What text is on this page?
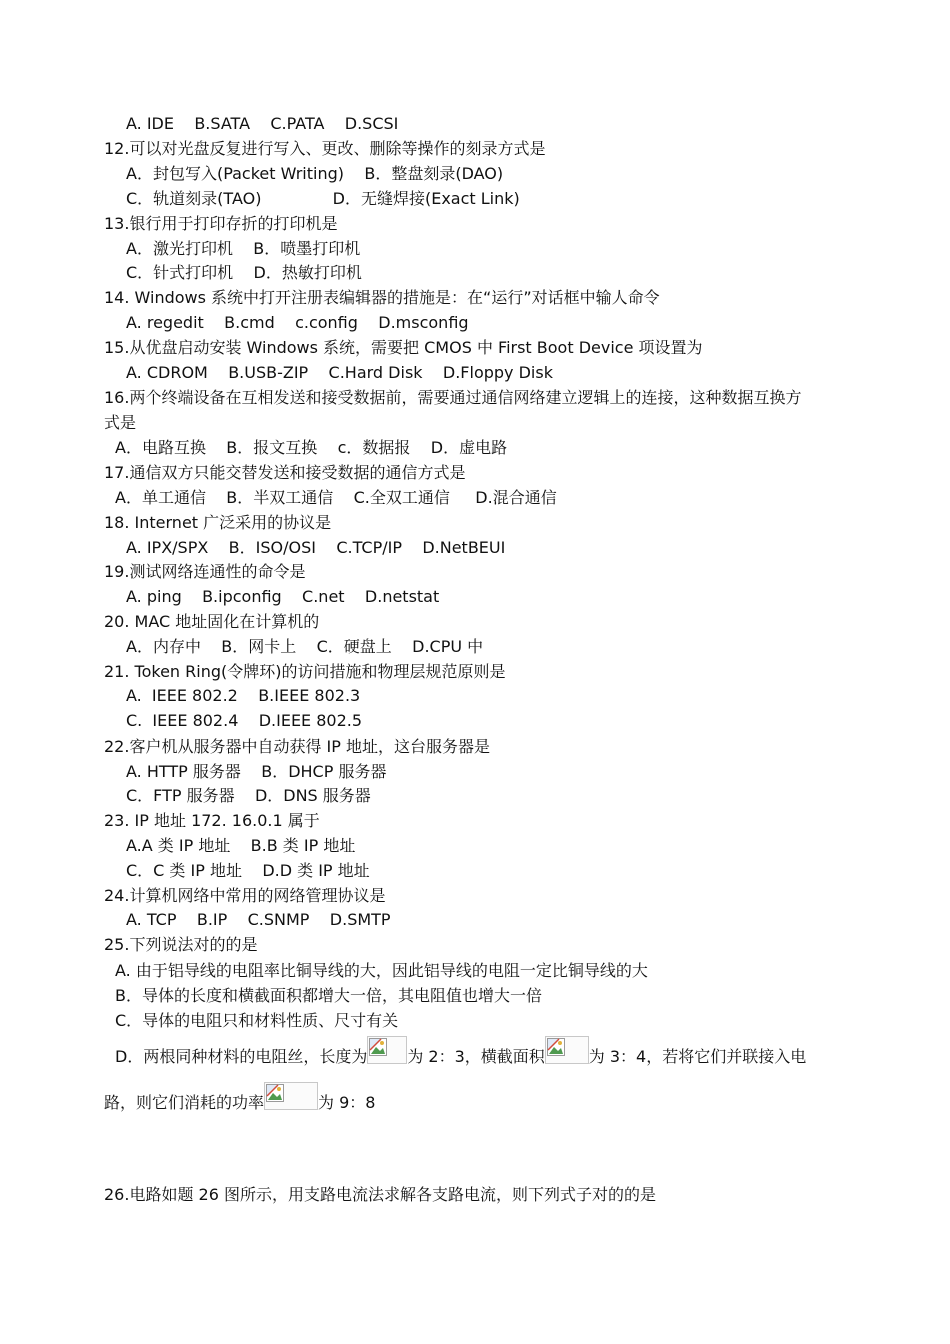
A. IDE    B.SATA    C.PATA    D.SCSI
12.可以对光盘反复进行写入、更改、删除等操作的刻录方式是
A．封包写入(Packet Writing)    B．整盘刻录(DAO)
C．轨道刻录(TAO)              D．无缝焊接(Exact Link)
13.银行用于打印存折的打印机是
A．激光打印机    B．喷墨打印机
C．针式打印机    D．热敏打印机
14. Windows 系统中打开注册表编辑器的措施是：在“运行”对话框中输人命令
A. regedit    B.cmd    c.config    D.msconfig
15.从优盘启动安装 Windows 系统，需要把 CMOS 中 First Boot Device 项设置为
A. CDROM    B.USB-ZIP    C.Hard Disk    D.Floppy Disk
16.两个终端设备在互相发送和接受数据前，需要通过通信网络建立逻辑上的连接，这种数据互换方
式是
A．电路互换    B．报文互换    c．数据报    D．虚电路
17.通信双方只能交替发送和接受数据的通信方式是
A．单工通信    B．半双工通信    C.全双工通信     D.混合通信
18. Internet 广泛采用的协议是
A. IPX/SPX    B．ISO/OSI    C.TCP/IP    D.NetBEUI
19.测试网络连通性的命令是
A. ping    B.ipconfig    C.net    D.netstat
20. MAC 地址固化在计算机的
A．内存中    B．网卡上    C．硬盘上    D.CPU 中
21. Token Ring(令牌环)的访问措施和物理层规范原则是
A.  IEEE 802.2    B.IEEE 802.3
C.  IEEE 802.4    D.IEEE 802.5
22.客户机从服务器中自动获得 IP 地址，这台服务器是
A. HTTP 服务器    B．DHCP 服务器
C．FTP 服务器    D．DNS 服务器
23. IP 地址 172. 16.0.1 属于
A.A 类 IP 地址    B.B 类 IP 地址
C．C 类 IP 地址    D.D 类 IP 地址
24.计算机网络中常用的网络管理协议是
A. TCP    B.IP    C.SNMP    D.SMTP
25.下列说法对的的是
A. 由于铝导线的电阻率比铜导线的大，因此铝导线的电阻一定比铜导线的大
B．导体的长度和横截面积都增大一倍，其电阻值也增大一倍
C．导体的电阻只和材料性质、尺寸有关
D．两根同种材料的电阻丝，长度为	为 2：3，横截面积	为 3：4，若将它们并联接入电
路，则它们消耗的功率	为 9：8
26.电路如题 26 图所示，用支路电流法求解各支路电流，则下列式子对的的是
